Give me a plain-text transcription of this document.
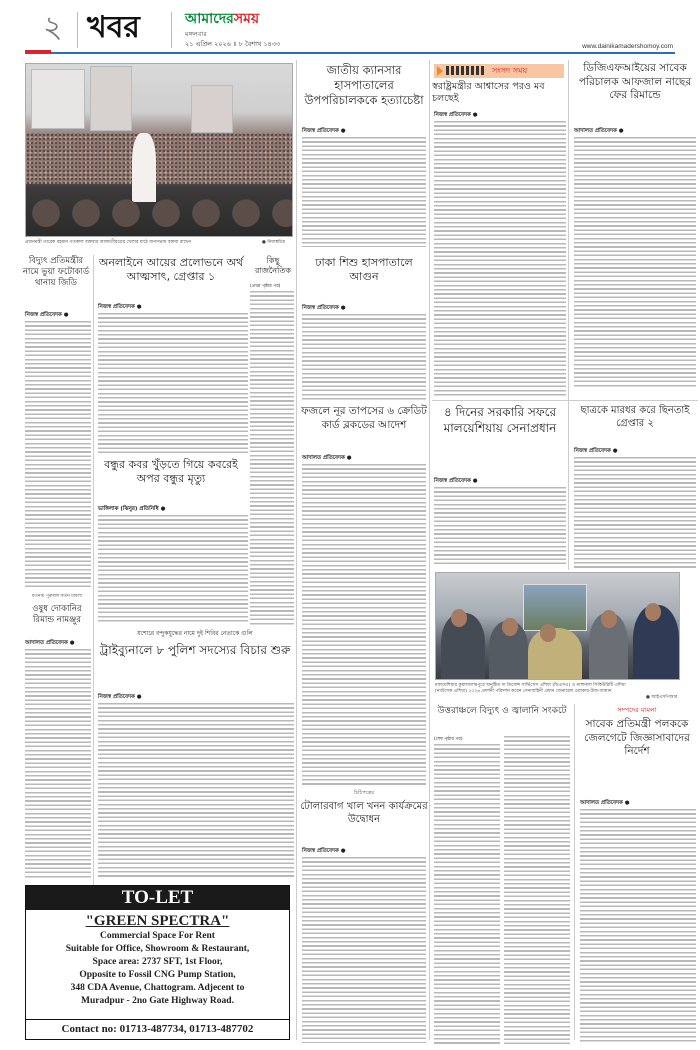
২ খবর	আমাদেরসময়
মঙ্গলবার
২১ এপ্রিল ২০২৬ ॥ ৮ বৈশাখ ১৪৩৩	www.dainikamadershomoy.com
প্রধানমন্ত্রী তারেক রহমান গতকাল বক্তব্যর আলমগীরত্রের খেলার মাঠে জনসভায় বক্তব্য রাখেন	● নিজস্বচিত্র
জাতীয় ক্যানসার হাসপাতালের উপপরিচালককে হত্যাচেষ্টা
নিজস্ব প্রতিবেদক ●
সংসদ সময়
স্বরাষ্ট্রমন্ত্রীর আশ্বাসের পরও মব চলছেই
নিজস্ব প্রতিবেদক ●
ডিজিএফআইয়ের সাবেক পরিচালক আফজাল নাছের ফের রিমান্ডে
আদালত প্রতিবেদক ●
বিদ্যুৎ প্রতিমন্ত্রীর নামে ভুয়া ফটোকার্ড থানায় জিডি
নিজস্ব প্রতিবেদক ●
অনলাইনে আয়ের প্রলোভনে অর্থ আত্মসাৎ, গ্রেপ্তার ১
নিজস্ব প্রতিবেদক ●
কিছু রাজনৈতিক
(প্রথম পৃষ্ঠার পর)
ঢাকা শিশু হাসপাতালে আগুন
নিজস্ব প্রতিবেদক ●
বন্ধুর কবর খুঁড়তে গিয়ে কবরেই অপর বন্ধুর মৃত্যু
ভাঙ্গিলাক (ঝিনুর) প্রতিনিধি ●
ফজলে নূর তাপসের ৬ ক্রেডিট কার্ড ব্লকডের আদেশ
আদালত প্রতিবেদক ●
৪ দিনের সরকারি সফরে মালয়েশিয়ায় সেনাপ্রধান
নিজস্ব প্রতিবেদক ●
ছাত্রকে মারধর করে ছিনতাই গ্রেপ্তার ২
নিজস্ব প্রতিবেদক ●
মালয়েশিয়ার কুয়ালালামপুরে অনুষ্ঠিত দ্য ডিফেন্স সার্ভিসেস এশিয়া (ডিএসএ) ও ন্যাশনাল সিকিউরিটি এশিয়া (ন্যাটসেক এশিয়া) ২০২৬ প্রদর্শনী পরিদর্শন করেন সেনাবাহিনী প্রধান জেনারেল ওয়াকার-উজ-জামান
● আইএসপিআর
উত্তরাঞ্চলে বিদ্যুৎ ও জ্বালানি সংকটে
(শেষ পৃষ্ঠার পর)
সম্পদের মামলা
সাবেক প্রতিমন্ত্রী পলককে জেলগেটে জিজ্ঞাসাবাদের নির্দেশ
আদালত প্রতিবেদক ●
যতনায় পুরুষাঙ্গ কর্তন মামলা
ওষুধ দোকানির রিমান্ড নামঞ্জুর
আদালত প্রতিবেদক ●
যশোরে বন্দুকযুদ্ধের নামে দুই শিবির নেতাকে গুলি
ট্রাইব্যুনালে ৮ পুলিশ সদস্যের বিচার শুরু
নিজস্ব প্রতিবেদক ●
চিঠিপত্রের
টোলারবাগ খাল খনন কার্যক্রমের উদ্বোধন
নিজস্ব প্রতিবেদক ●
TO-LET
"GREEN SPECTRA"
Commercial Space For Rent
Suitable for Office, Showroom & Restaurant,
Space area: 2737 SFT, 1st Floor,
Opposite to Fossil CNG Pump Station,
348 CDA Avenue, Chattogram. Adjecent to
Muradpur - 2no Gate Highway Road.
Contact no: 01713-487734, 01713-487702
